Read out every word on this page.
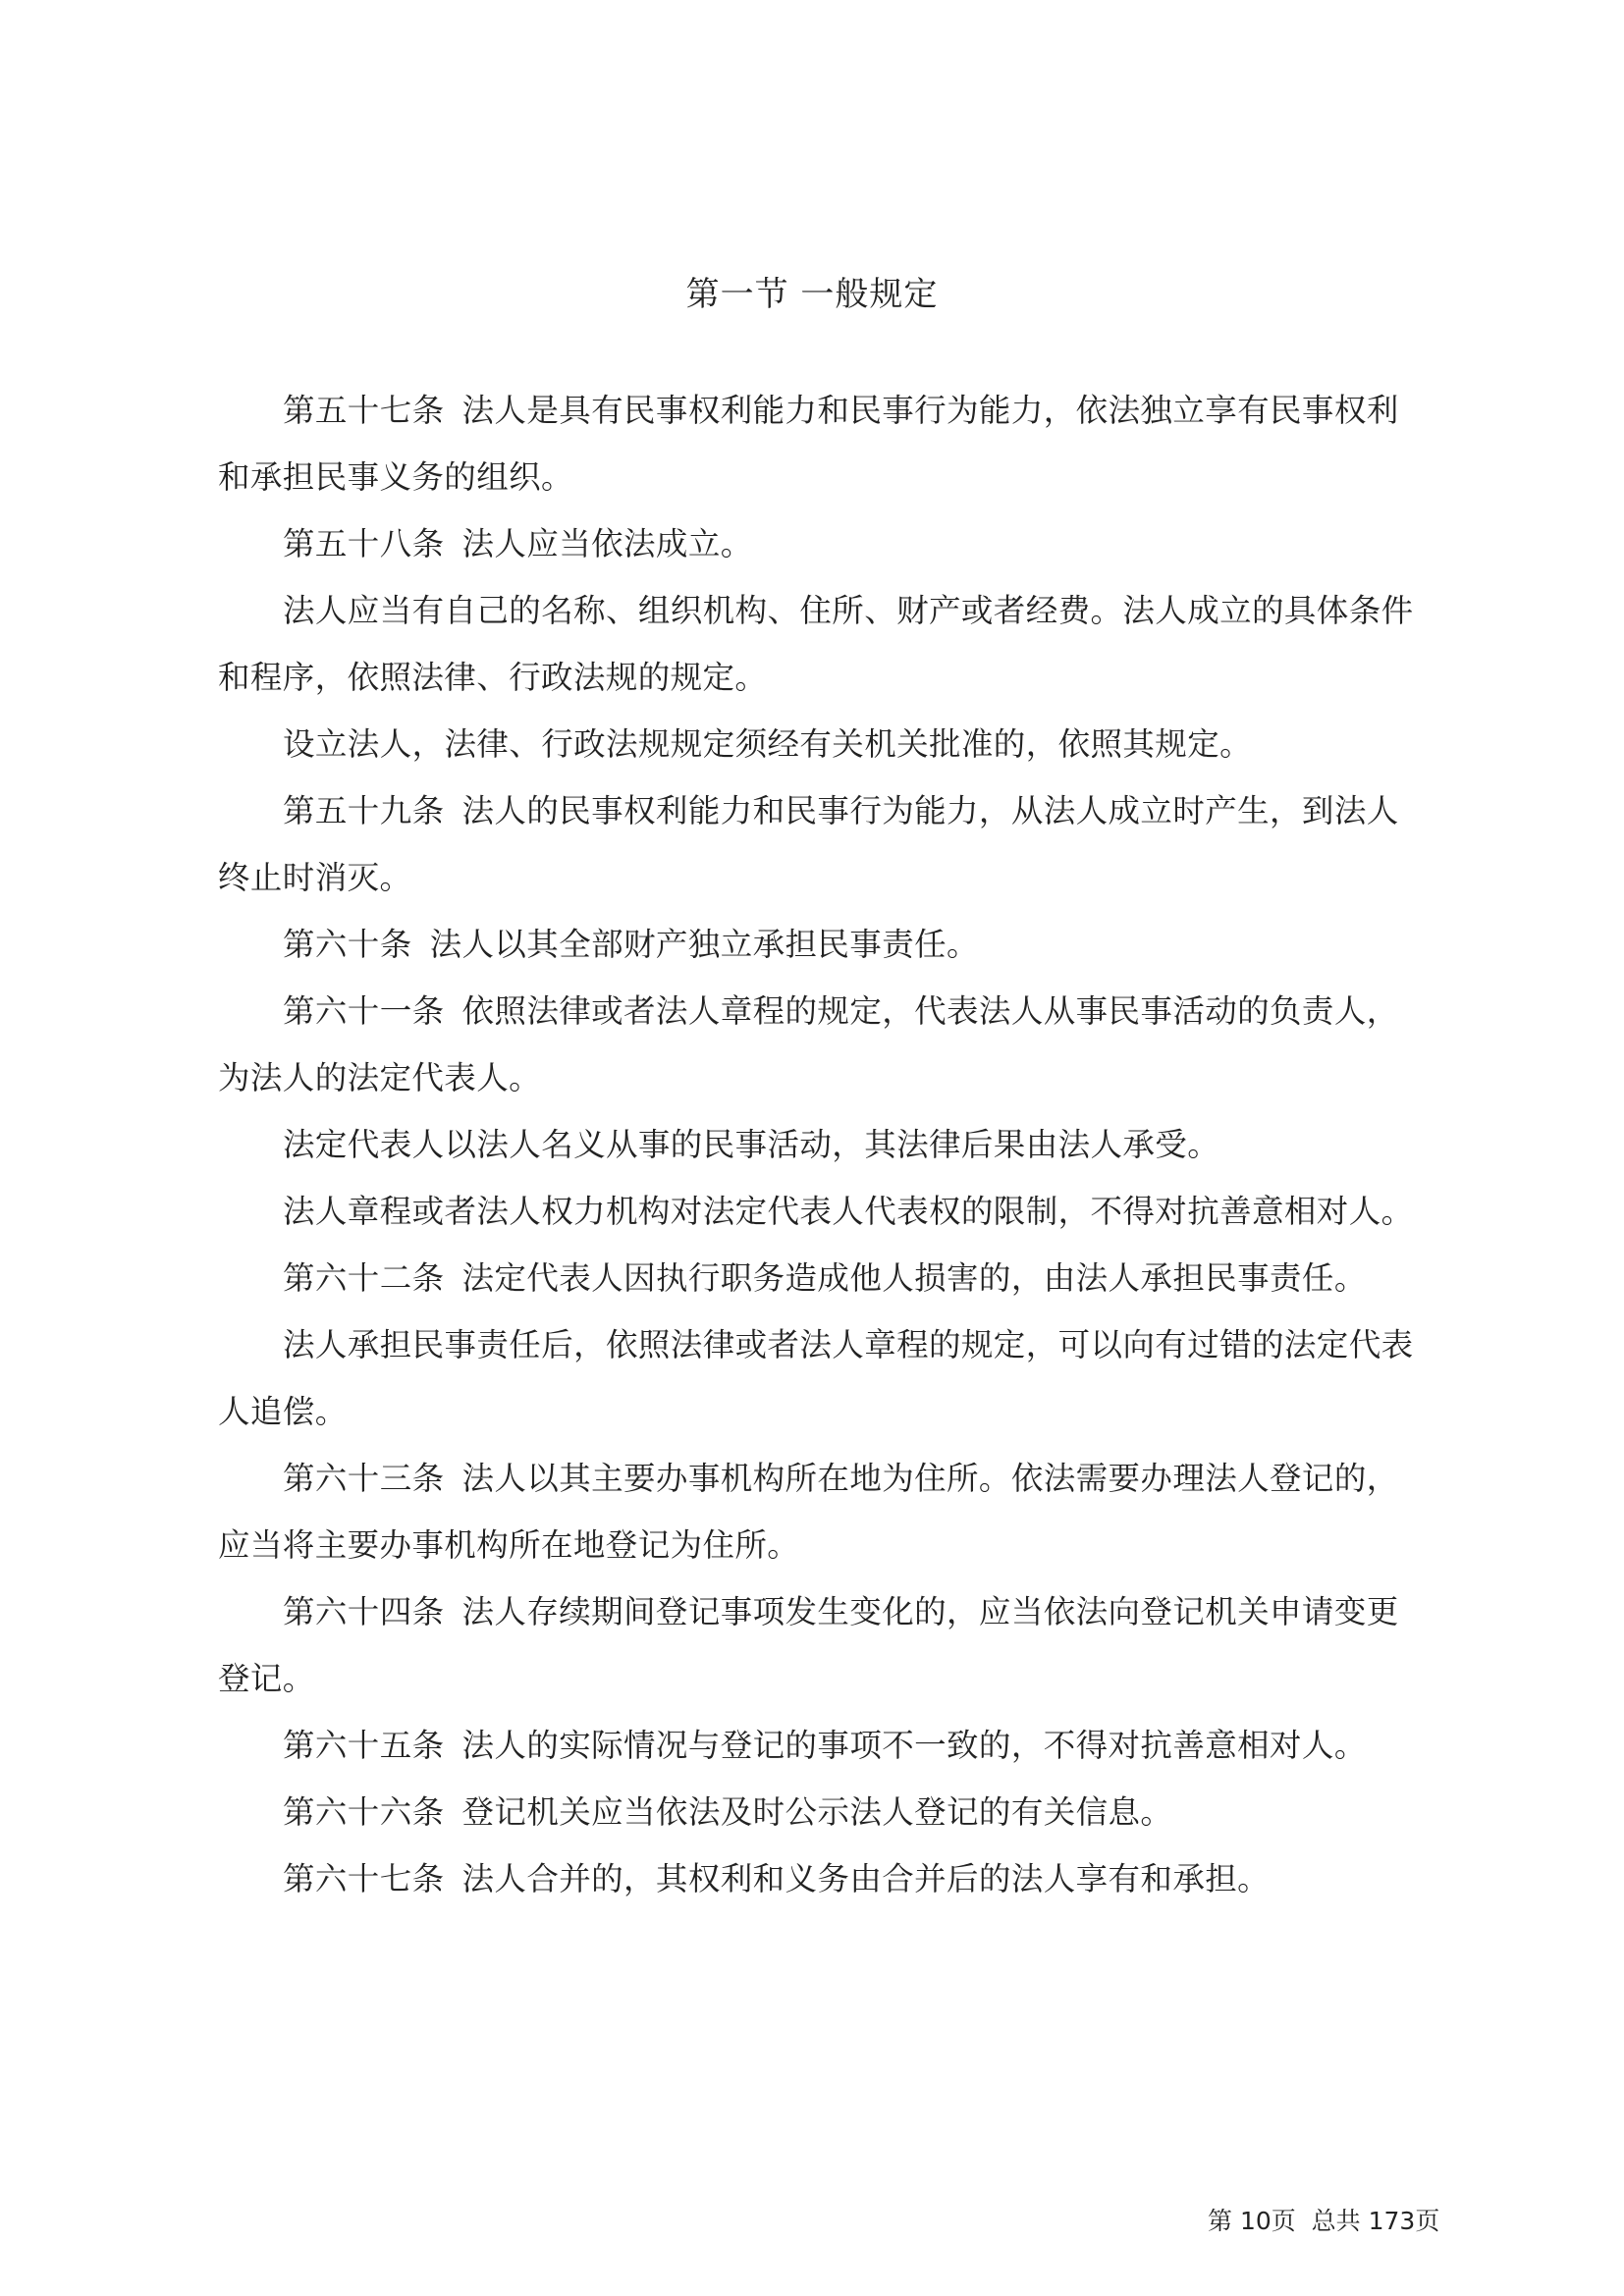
第一节 一般规定

第五十七条 法人是具有民事权利能力和民事行为能力，依法独立享有民事权利和承担民事义务的组织。

第五十八条 法人应当依法成立。

法人应当有自己的名称、组织机构、住所、财产或者经费。法人成立的具体条件和程序，依照法律、行政法规的规定。

设立法人，法律、行政法规规定须经有关机关批准的，依照其规定。

第五十九条 法人的民事权利能力和民事行为能力，从法人成立时产生，到法人终止时消灭。

第六十条 法人以其全部财产独立承担民事责任。

第六十一条 依照法律或者法人章程的规定，代表法人从事民事活动的负责人，为法人的法定代表人。

法定代表人以法人名义从事的民事活动，其法律后果由法人承受。

法人章程或者法人权力机构对法定代表人代表权的限制，不得对抗善意相对人。

第六十二条 法定代表人因执行职务造成他人损害的，由法人承担民事责任。

法人承担民事责任后，依照法律或者法人章程的规定，可以向有过错的法定代表人追偿。

第六十三条 法人以其主要办事机构所在地为住所。依法需要办理法人登记的，应当将主要办事机构所在地登记为住所。

第六十四条 法人存续期间登记事项发生变化的，应当依法向登记机关申请变更登记。

第六十五条 法人的实际情况与登记的事项不一致的，不得对抗善意相对人。

第六十六条 登记机关应当依法及时公示法人登记的有关信息。

第六十七条 法人合并的，其权利和义务由合并后的法人享有和承担。

第 10页 总共 173页
